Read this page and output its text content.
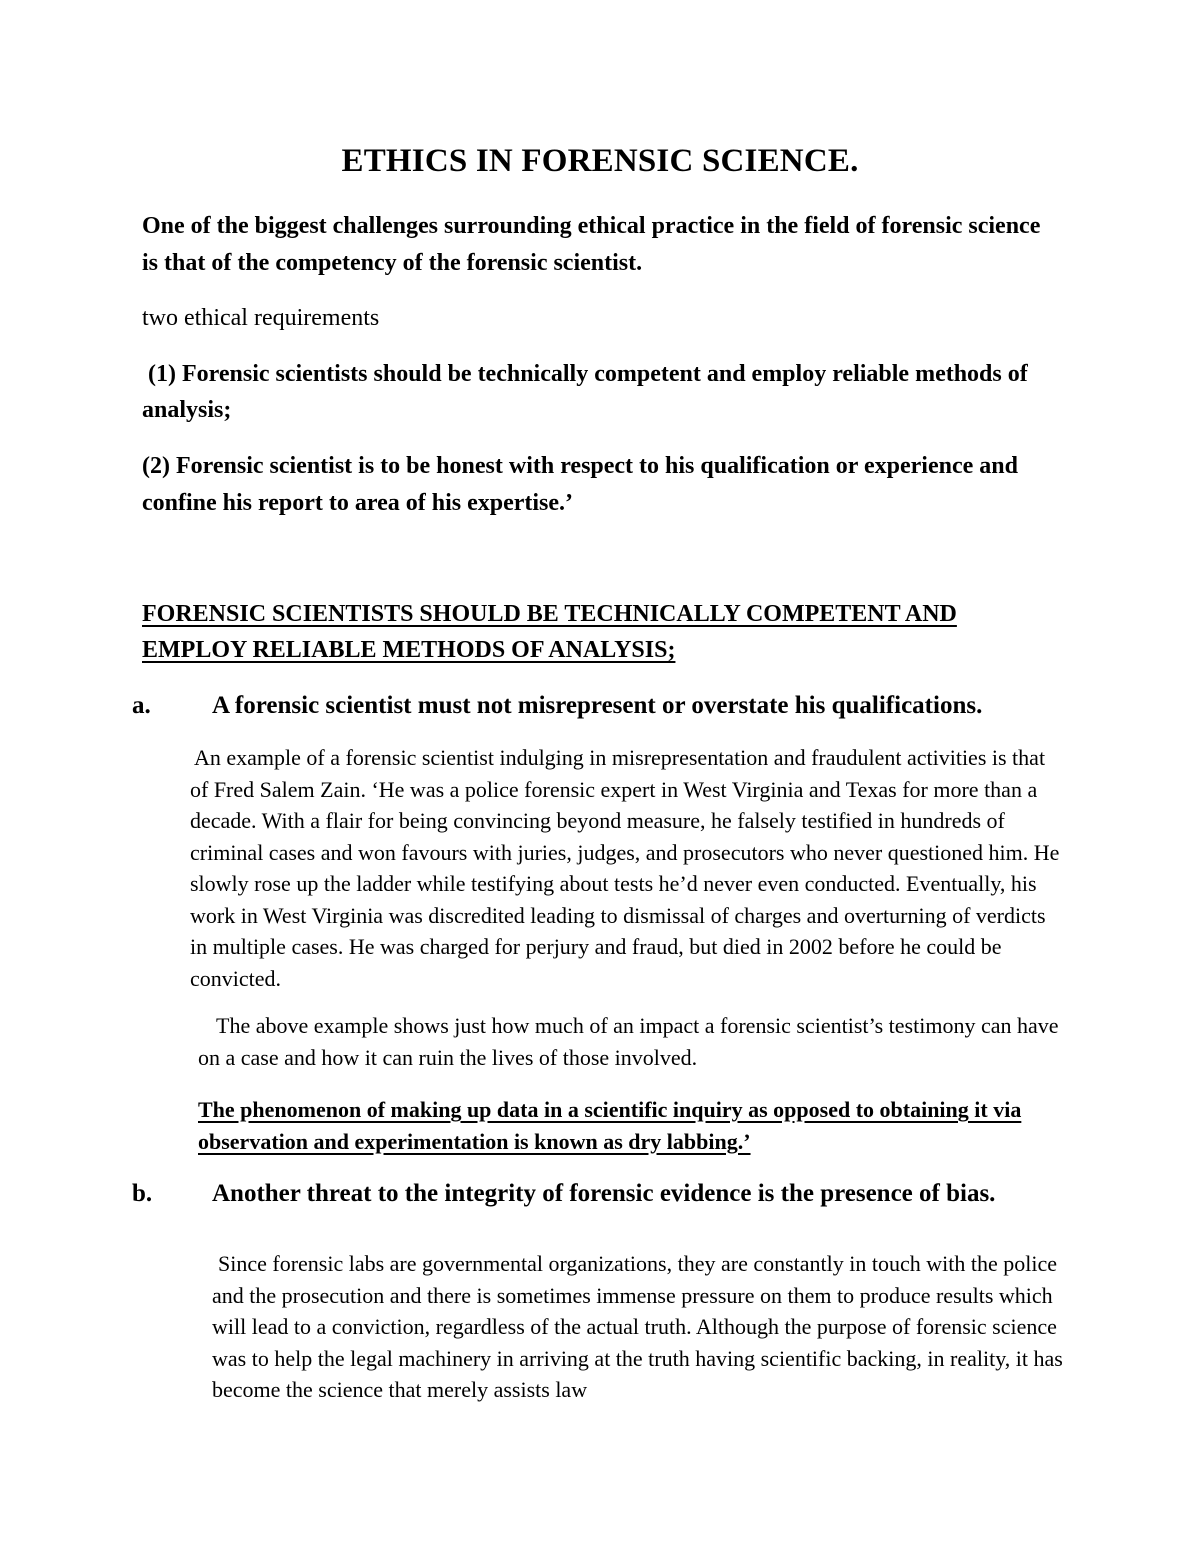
ETHICS IN FORENSIC SCIENCE.

One of the biggest challenges surrounding ethical practice in the field of forensic science is that of the competency of the forensic scientist.

two ethical requirements

(1) Forensic scientists should be technically competent and employ reliable methods of analysis;

(2) Forensic scientist is to be honest with respect to his qualification or experience and confine his report to area of his expertise.’

FORENSIC SCIENTISTS SHOULD BE TECHNICALLY COMPETENT AND EMPLOY RELIABLE METHODS OF ANALYSIS;
a. A forensic scientist must not misrepresent or overstate his qualifications.

An example of a forensic scientist indulging in misrepresentation and fraudulent activities is that of Fred Salem Zain. ‘He was a police forensic expert in West Virginia and Texas for more than a decade. With a flair for being convincing beyond measure, he falsely testified in hundreds of criminal cases and won favours with juries, judges, and prosecutors who never questioned him. He slowly rose up the ladder while testifying about tests he’d never even conducted. Eventually, his work in West Virginia was discredited leading to dismissal of charges and overturning of verdicts in multiple cases. He was charged for perjury and fraud, but died in 2002 before he could be convicted.

The above example shows just how much of an impact a forensic scientist’s testimony can have on a case and how it can ruin the lives of those involved.

The phenomenon of making up data in a scientific inquiry as opposed to obtaining it via observation and experimentation is known as dry labbing.’

b. Another threat to the integrity of forensic evidence is the presence of bias.

Since forensic labs are governmental organizations, they are constantly in touch with the police and the prosecution and there is sometimes immense pressure on them to produce results which will lead to a conviction, regardless of the actual truth. Although the purpose of forensic science was to help the legal machinery in arriving at the truth having scientific backing, in reality, it has become the science that merely assists law
